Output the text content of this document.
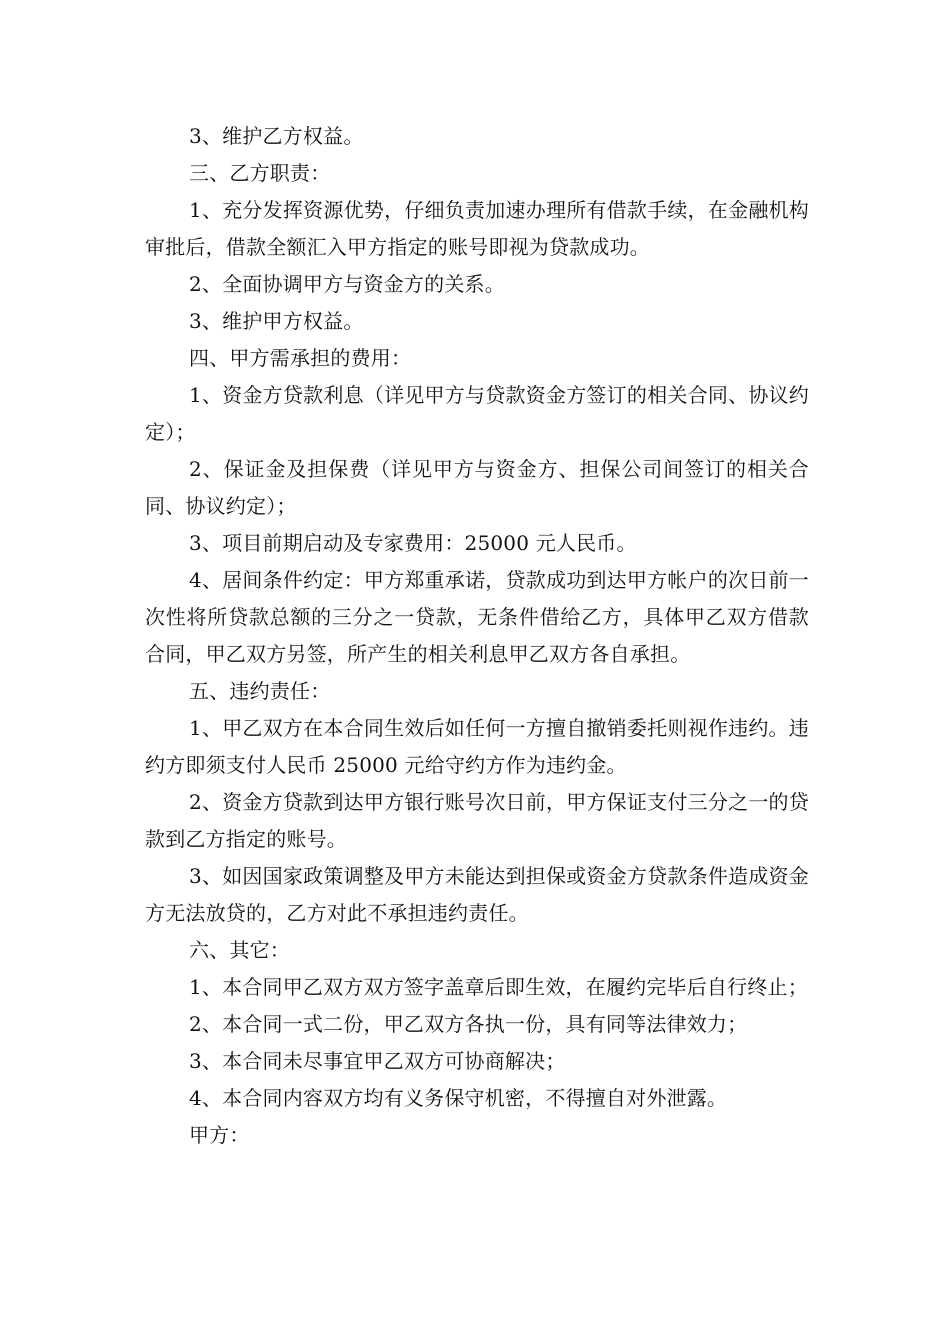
3、维护乙方权益。

三、乙方职责：

1、充分发挥资源优势，仔细负责加速办理所有借款手续，在金融机构审批后，借款全额汇入甲方指定的账号即视为贷款成功。

2、全面协调甲方与资金方的关系。

3、维护甲方权益。

四、甲方需承担的费用：

1、资金方贷款利息（详见甲方与贷款资金方签订的相关合同、协议约定）；

2、保证金及担保费（详见甲方与资金方、担保公司间签订的相关合同、协议约定）；

3、项目前期启动及专家费用：25000 元人民币。

4、居间条件约定：甲方郑重承诺，贷款成功到达甲方帐户的次日前一次性将所贷款总额的三分之一贷款，无条件借给乙方，具体甲乙双方借款合同，甲乙双方另签，所产生的相关利息甲乙双方各自承担。

五、违约责任：

1、甲乙双方在本合同生效后如任何一方擅自撤销委托则视作违约。违约方即须支付人民币 25000 元给守约方作为违约金。

2、资金方贷款到达甲方银行账号次日前，甲方保证支付三分之一的贷款到乙方指定的账号。

3、如因国家政策调整及甲方未能达到担保或资金方贷款条件造成资金方无法放贷的，乙方对此不承担违约责任。

六、其它：

1、本合同甲乙双方双方签字盖章后即生效，在履约完毕后自行终止；

2、本合同一式二份，甲乙双方各执一份，具有同等法律效力；

3、本合同未尽事宜甲乙双方可协商解决；

4、本合同内容双方均有义务保守机密，不得擅自对外泄露。

甲方：
